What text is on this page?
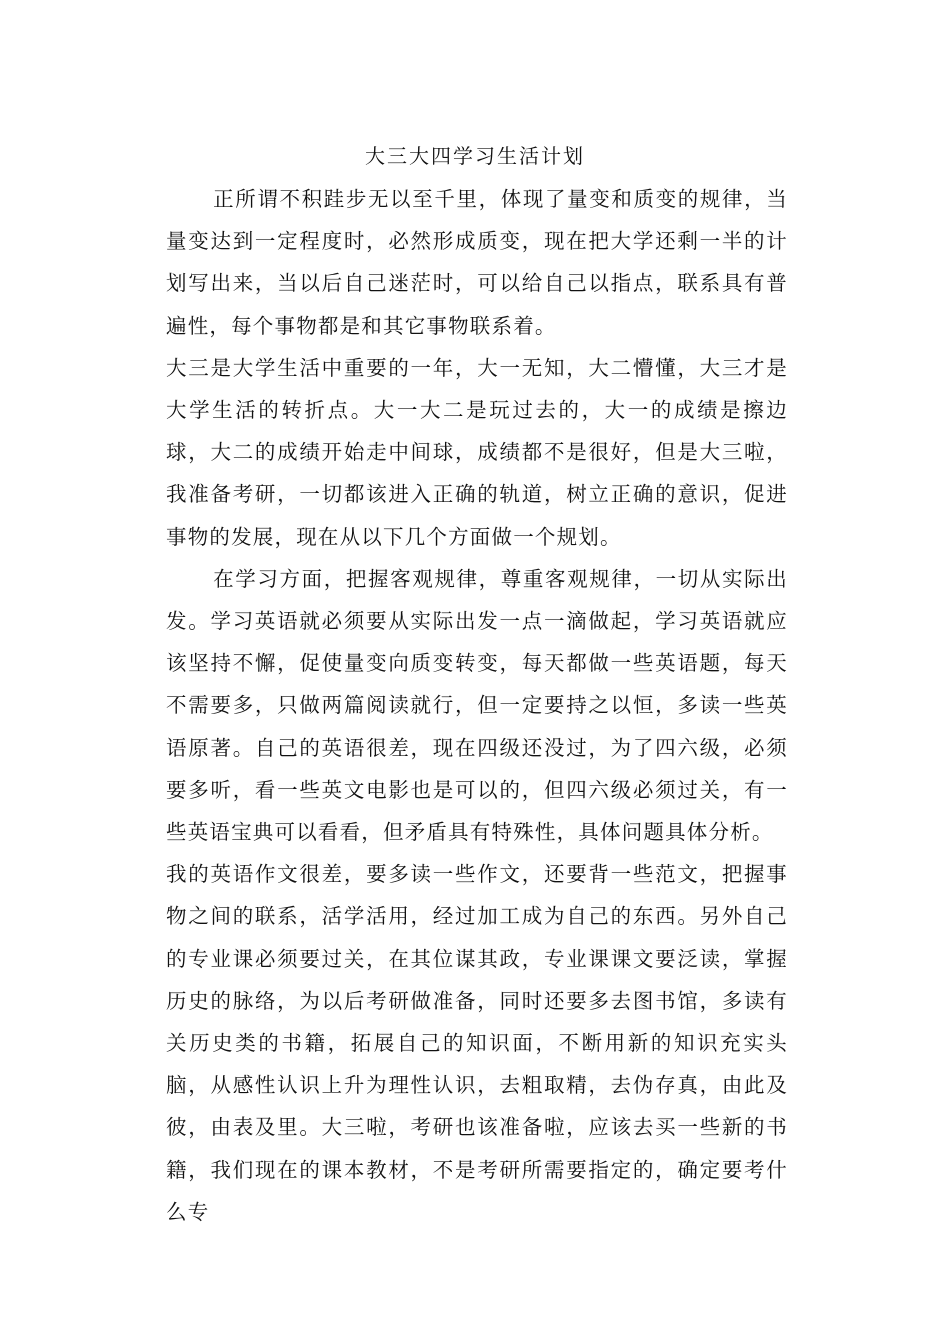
大三大四学习生活计划

正所谓不积跬步无以至千里，体现了量变和质变的规律，当量变达到一定程度时，必然形成质变，现在把大学还剩一半的计划写出来，当以后自己迷茫时，可以给自己以指点，联系具有普遍性，每个事物都是和其它事物联系着。

大三是大学生活中重要的一年，大一无知，大二懵懂，大三才是大学生活的转折点。大一大二是玩过去的，大一的成绩是擦边球，大二的成绩开始走中间球，成绩都不是很好，但是大三啦，我准备考研，一切都该进入正确的轨道，树立正确的意识，促进事物的发展，现在从以下几个方面做一个规划。

在学习方面，把握客观规律，尊重客观规律，一切从实际出发。学习英语就必须要从实际出发一点一滴做起，学习英语就应该坚持不懈，促使量变向质变转变，每天都做一些英语题，每天不需要多，只做两篇阅读就行，但一定要持之以恒，多读一些英语原著。自己的英语很差，现在四级还没过，为了四六级，必须要多听，看一些英文电影也是可以的，但四六级必须过关，有一些英语宝典可以看看，但矛盾具有特殊性，具体问题具体分析。

我的英语作文很差，要多读一些作文，还要背一些范文，把握事物之间的联系，活学活用，经过加工成为自己的东西。另外自己的专业课必须要过关，在其位谋其政，专业课课文要泛读，掌握历史的脉络，为以后考研做准备，同时还要多去图书馆，多读有关历史类的书籍，拓展自己的知识面，不断用新的知识充实头脑，从感性认识上升为理性认识，去粗取精，去伪存真，由此及彼，由表及里。大三啦，考研也该准备啦，应该去买一些新的书籍，我们现在的课本教材，不是考研所需要指定的，确定要考什么专
